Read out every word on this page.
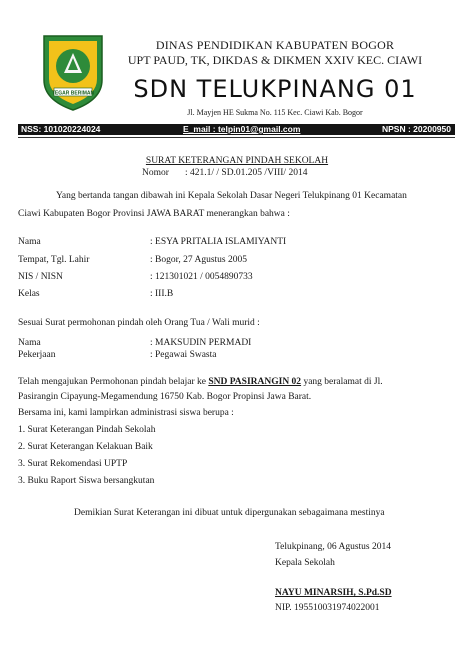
TEGAR BERIMAN
DINAS PENDIDIKAN KABUPATEN BOGOR
UPT PAUD, TK, DIKDAS & DIKMEN XXIV KEC. CIAWI
SDN TELUKPINANG 01
Jl. Mayjen HE Sukma No. 115 Kec. Ciawi Kab. Bogor
NSS: 101020224024	E_mail : telpin01@gmail.com	NPSN : 20200950
SURAT KETERANGAN PINDAH SEKOLAH
Nomor : 421.1/ / SD.01.205 /VIII/ 2014
Yang bertanda tangan dibawah ini Kepala Sekolah Dasar Negeri Telukpinang 01 Kecamatan
Ciawi Kabupaten Bogor Provinsi JAWA BARAT menerangkan bahwa :
Nama	: ESYA PRITALIA ISLAMIYANTI
Tempat, Tgl. Lahir	: Bogor, 27 Agustus 2005
NIS / NISN	: 121301021 / 0054890733
Kelas	: III.B
Sesuai Surat permohonan pindah oleh Orang Tua / Wali murid :
Nama	: MAKSUDIN PERMADI
Pekerjaan	: Pegawai Swasta
Telah mengajukan Permohonan pindah belajar ke SND PASIRANGIN 02 yang beralamat di Jl.
Pasirangin Cipayung-Megamendung 16750 Kab. Bogor Propinsi Jawa Barat.
Bersama ini, kami lampirkan administrasi siswa berupa :
1. Surat Keterangan Pindah Sekolah
2. Surat Keterangan Kelakuan Baik
3. Surat Rekomendasi UPTP
3. Buku Raport Siswa bersangkutan
Demikian Surat Keterangan ini dibuat untuk dipergunakan sebagaimana mestinya
Telukpinang, 06 Agustus 2014
Kepala Sekolah
NAYU MINARSIH, S.Pd.SD
NIP. 195510031974022001
